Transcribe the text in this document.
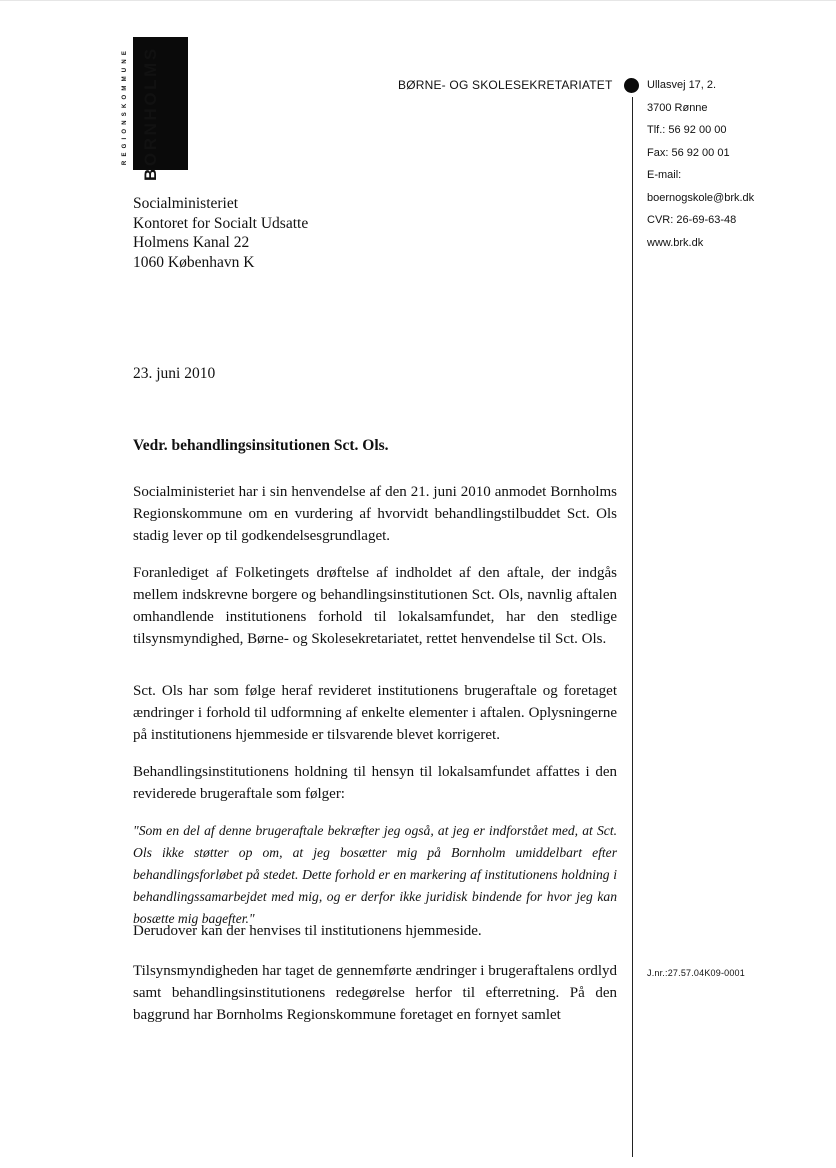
BORNHOLMS
REGIONSKOMMUNE	BØRNE- OG SKOLESEKRETARIATET	Ullasvej 17, 2.
3700 Rønne
Tlf.: 56 92 00 00
Fax: 56 92 00 01
E-mail:
boernogskole@brk.dk
CVR: 26-69-63-48
www.brk.dk
Socialministeriet
Kontoret for Socialt Udsatte
Holmens Kanal 22
1060 København K
23. juni 2010
Vedr. behandlingsinsitutionen Sct. Ols.

Socialministeriet har i sin henvendelse af den 21. juni 2010 anmodet Bornholms Regionskommune om en vurdering af hvorvidt behandlingstilbuddet Sct. Ols stadig lever op til godkendelsesgrundlaget.

Foranlediget af Folketingets drøftelse af indholdet af den aftale, der indgås mellem indskrevne borgere og behandlingsinstitutionen Sct. Ols, navnlig aftalen omhandlende institutionens forhold til lokalsamfundet, har den stedlige tilsynsmyndighed, Børne- og Skolesekretariatet, rettet henvendelse til Sct. Ols.

Sct. Ols har som følge heraf revideret institutionens brugeraftale og foretaget ændringer i forhold til udformning af enkelte elementer i aftalen. Oplysningerne på institutionens hjemmeside er tilsvarende blevet korrigeret.

Behandlingsinstitutionens holdning til hensyn til lokalsamfundet affattes i den reviderede brugeraftale som følger:

"Som en del af denne brugeraftale bekræfter jeg også, at jeg er indforstået med, at Sct. Ols ikke støtter op om, at jeg bosætter mig på Bornholm umiddelbart efter behandlingsforløbet på stedet. Dette forhold er en markering af institutionens holdning i behandlingssamarbejdet med mig, og er derfor ikke juridisk bindende for hvor jeg kan bosætte mig bagefter."

Derudover kan der henvises til institutionens hjemmeside.

Tilsynsmyndigheden har taget de gennemførte ændringer i brugeraftalens ordlyd samt behandlingsinstitutionens redegørelse herfor til efterretning. På den baggrund har Bornholms Regionskommune foretaget en fornyet samlet

J.nr.:27.57.04K09-0001
